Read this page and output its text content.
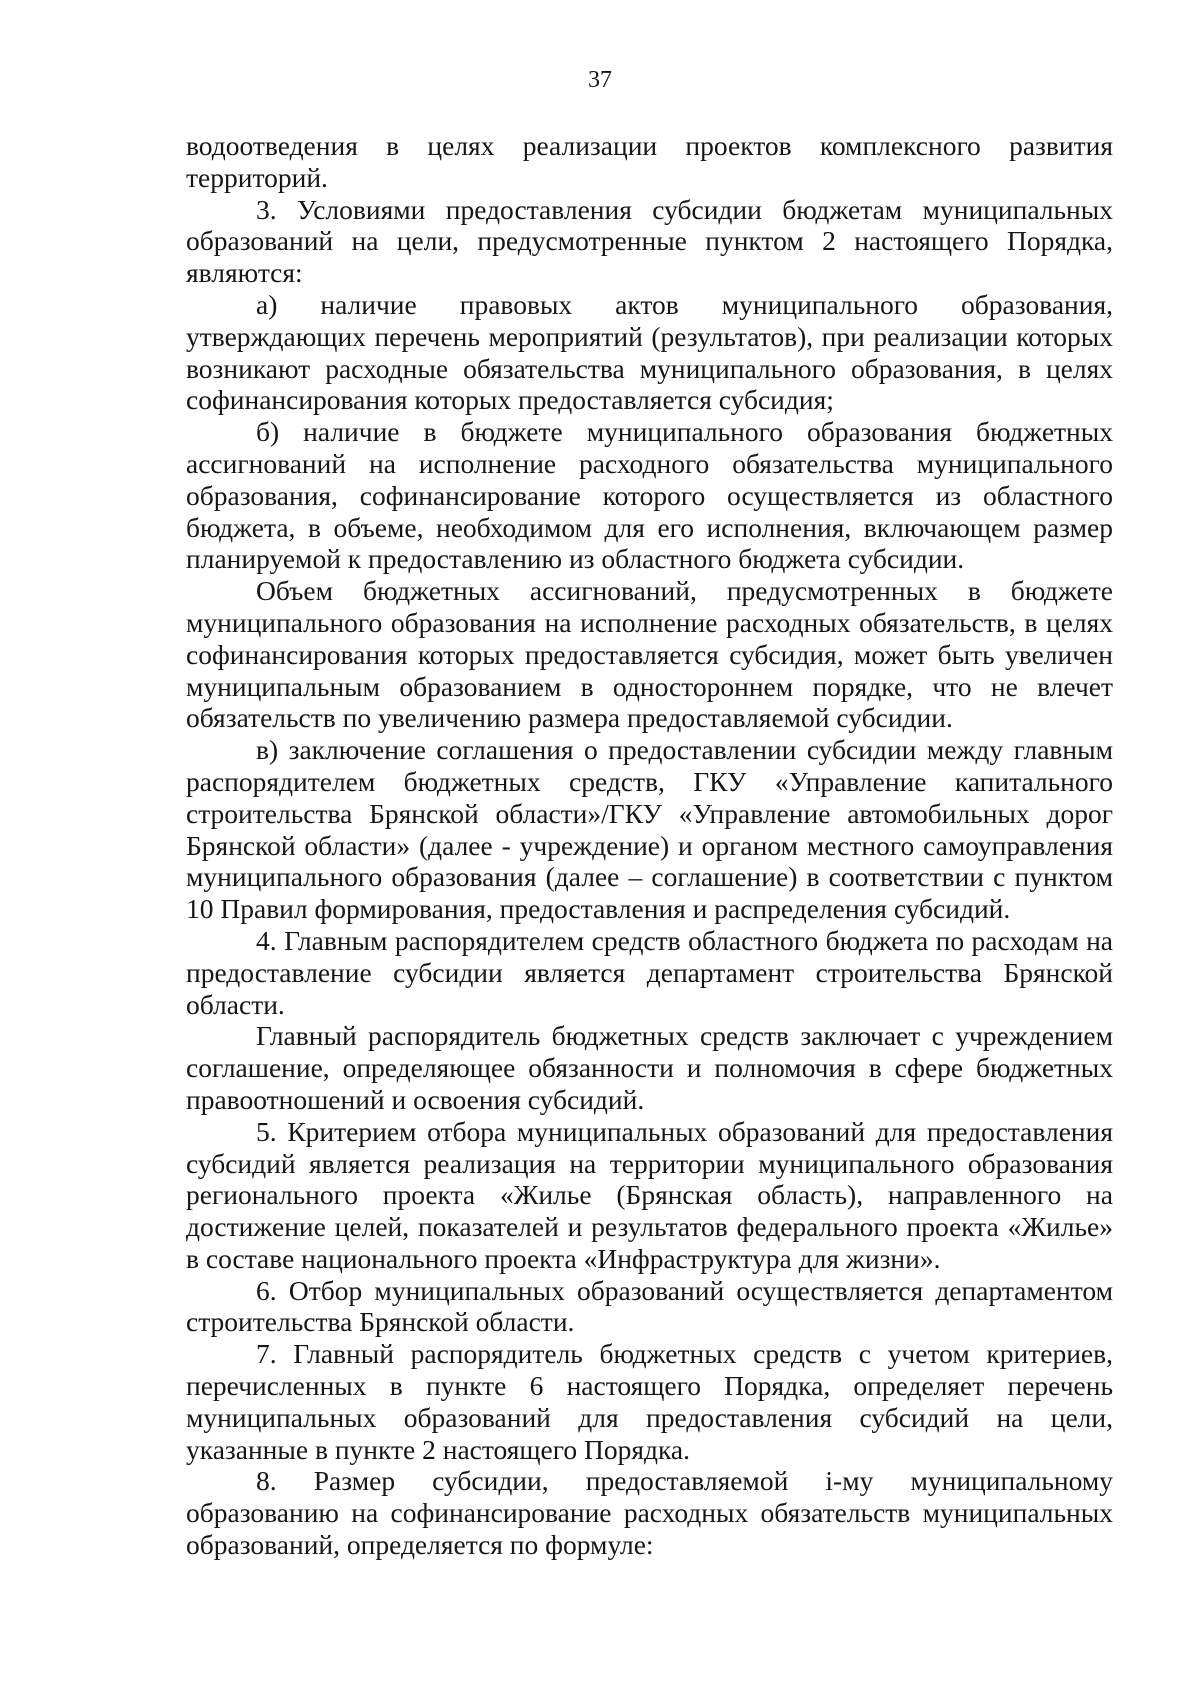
37

водоотведения в целях реализации проектов комплексного развития территорий.

3. Условиями предоставления субсидии бюджетам муниципальных образований на цели, предусмотренные пунктом 2 настоящего Порядка, являются:

а) наличие правовых актов муниципального образования, утверждающих перечень мероприятий (результатов), при реализации которых возникают расходные обязательства муниципального образования, в целях софинансирования которых предоставляется субсидия;

б) наличие в бюджете муниципального образования бюджетных ассигнований на исполнение расходного обязательства муниципального образования, софинансирование которого осуществляется из областного бюджета, в объеме, необходимом для его исполнения, включающем размер планируемой к предоставлению из областного бюджета субсидии.

Объем бюджетных ассигнований, предусмотренных в бюджете муниципального образования на исполнение расходных обязательств, в целях софинансирования которых предоставляется субсидия, может быть увеличен муниципальным образованием в одностороннем порядке, что не влечет обязательств по увеличению размера предоставляемой субсидии.

в) заключение соглашения о предоставлении субсидии между главным распорядителем бюджетных средств, ГКУ «Управление капитального строительства Брянской области»/ГКУ «Управление автомобильных дорог Брянской области» (далее - учреждение) и органом местного самоуправления муниципального образования (далее – соглашение) в соответствии с пунктом 10 Правил формирования, предоставления и распределения субсидий.

4. Главным распорядителем средств областного бюджета по расходам на предоставление субсидии является департамент строительства Брянской области.

Главный распорядитель бюджетных средств заключает с учреждением соглашение, определяющее обязанности и полномочия в сфере бюджетных правоотношений и освоения субсидий.

5. Критерием отбора муниципальных образований для предоставления субсидий является реализация на территории муниципального образования регионального проекта «Жилье (Брянская область), направленного на достижение целей, показателей и результатов федерального проекта «Жилье» в составе национального проекта «Инфраструктура для жизни».

6. Отбор муниципальных образований осуществляется департаментом строительства Брянской области.

7. Главный распорядитель бюджетных средств с учетом критериев, перечисленных в пункте 6 настоящего Порядка, определяет перечень муниципальных образований для предоставления субсидий на цели, указанные в пункте 2 настоящего Порядка.

8. Размер субсидии, предоставляемой i-му муниципальному образованию на софинансирование расходных обязательств муниципальных образований, определяется по формуле:
